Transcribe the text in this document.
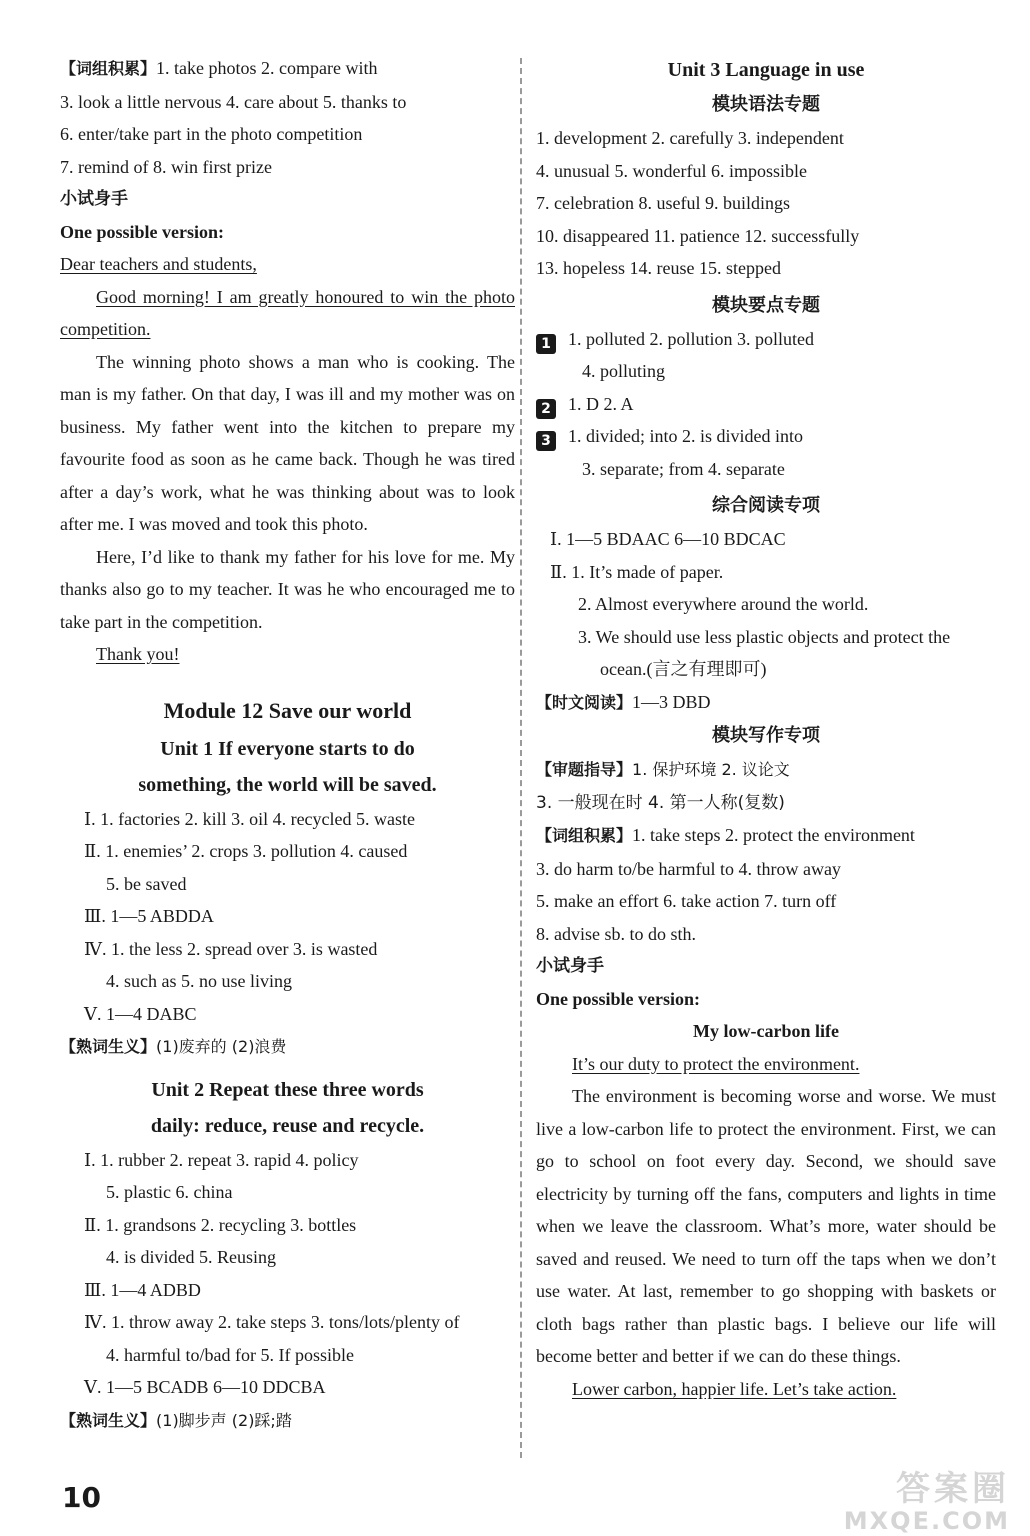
【词组积累】1. take photos 2. compare with
3. look a little nervous 4. care about 5. thanks to
6. enter/take part in the photo competition
7. remind of 8. win first prize
小试身手
One possible version:
Dear teachers and students,
Good morning! I am greatly honoured to win the photo competition.
The winning photo shows a man who is cooking. The man is my father. On that day, I was ill and my mother was on business. My father went into the kitchen to prepare my favourite food as soon as he came back. Though he was tired after a day’s work, what he was thinking about was to look after me. I was moved and took this photo.
Here, I’d like to thank my father for his love for me. My thanks also go to my teacher. It was he who encouraged me to take part in the competition.
Thank you!
Module 12 Save our world
Unit 1 If everyone starts to do
something, the world will be saved.
Ⅰ. 1. factories 2. kill 3. oil 4. recycled 5. waste
Ⅱ. 1. enemies’ 2. crops 3. pollution 4. caused
5. be saved
Ⅲ. 1—5 ABDDA
Ⅳ. 1. the less 2. spread over 3. is wasted
4. such as 5. no use living
Ⅴ. 1—4 DABC
【熟词生义】(1)废弃的 (2)浪费
Unit 2 Repeat these three words
daily: reduce, reuse and recycle.
Ⅰ. 1. rubber 2. repeat 3. rapid 4. policy
5. plastic 6. china
Ⅱ. 1. grandsons 2. recycling 3. bottles
4. is divided 5. Reusing
Ⅲ. 1—4 ADBD
Ⅳ. 1. throw away 2. take steps 3. tons/lots/plenty of
4. harmful to/bad for 5. If possible
Ⅴ. 1—5 BCADB 6—10 DDCBA
【熟词生义】(1)脚步声 (2)踩;踏
Unit 3 Language in use
模块语法专题
1. development 2. carefully 3. independent
4. unusual 5. wonderful 6. impossible
7. celebration 8. useful 9. buildings
10. disappeared 11. patience 12. successfully
13. hopeless 14. reuse 15. stepped
模块要点专题
1 1. polluted 2. pollution 3. polluted
4. polluting
2 1. D 2. A
3 1. divided; into 2. is divided into
3. separate; from 4. separate
综合阅读专项
Ⅰ. 1—5 BDAAC 6—10 BDCAC
Ⅱ. 1. It’s made of paper.
2. Almost everywhere around the world.
3. We should use less plastic objects and protect the
ocean.(言之有理即可)
【时文阅读】1—3 DBD
模块写作专项
【审题指导】1. 保护环境 2. 议论文
3. 一般现在时 4. 第一人称(复数)
【词组积累】1. take steps 2. protect the environment
3. do harm to/be harmful to 4. throw away
5. make an effort 6. take action 7. turn off
8. advise sb. to do sth.
小试身手
One possible version:
My low-carbon life
It’s our duty to protect the environment.
The environment is becoming worse and worse. We must live a low-carbon life to protect the environment. First, we can go to school on foot every day. Second, we should save electricity by turning off the fans, computers and lights in time when we leave the classroom. What’s more, water should be saved and reused. We need to turn off the taps when we don’t use water. At last, remember to go shopping with baskets or cloth bags rather than plastic bags. I believe our life will become better and better if we can do these things.
Lower carbon, happier life. Let’s take action.
10	答案圈
MXQE.COM
